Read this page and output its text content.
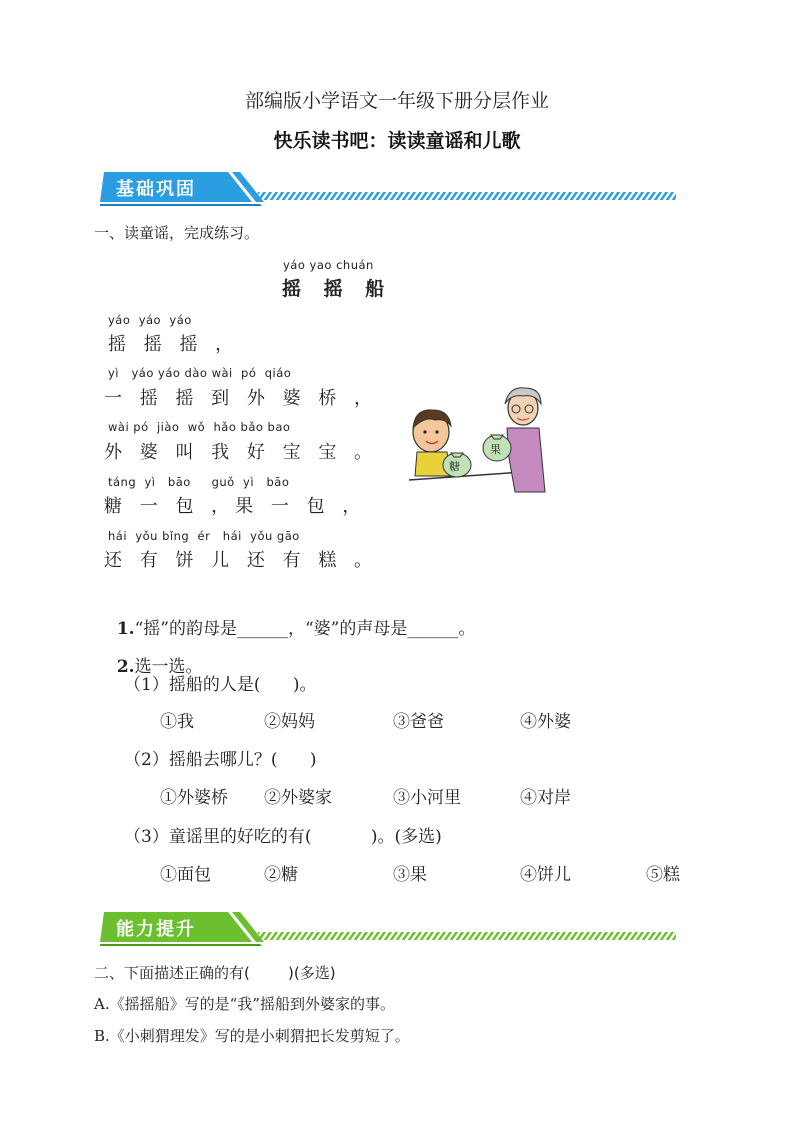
部编版小学语文一年级下册分层作业
快乐读书吧：读读童谣和儿歌
基础巩固
一、读童谣，完成练习。
yáo yao chuán
摇 摇 船
yáo  yáo  yáo
摇 摇 摇 ，
yì   yáo yáo dào wài  pó  qiáo
一 摇 摇 到 外 婆 桥 ，
wài pó  jiào  wǒ  hǎo bǎo bao
外 婆 叫 我 好 宝 宝 。
táng  yì   bāo     guǒ  yì   bāo
糖 一 包 ，果 一 包 ，
hái  yǒu bǐng  ér   hái  yǒu gāo
还 有 饼 儿 还 有 糕 。
糖
果

1.“摇”的韵母是______，“婆”的声母是______。

2.选一选。

（1）摇船的人是(      )。
①我	②妈妈	③爸爸	④外婆
（2）摇船去哪儿？(      )
①外婆桥 ②外婆家	③小河里	④对岸
（3）童谣里的好吃的有(           )。(多选)
①面包	②糖	③果	④饼儿	⑤糕
能力提升
二、下面描述正确的有(        )(多选)
A.《摇摇船》写的是“我”摇船到外婆家的事。
B.《小刺猬理发》写的是小刺猬把长发剪短了。
